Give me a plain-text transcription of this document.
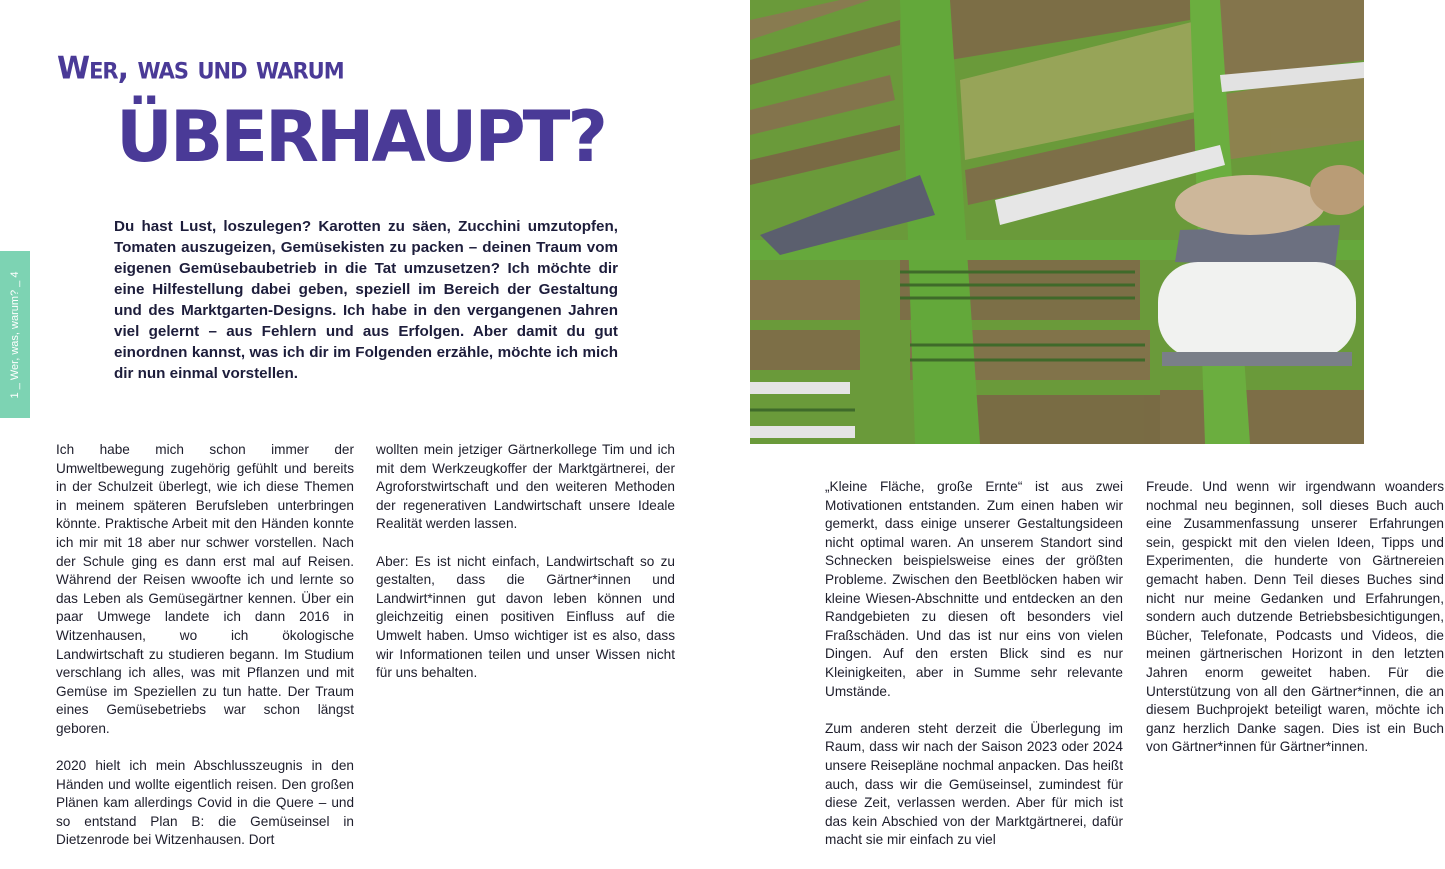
Wer, was und warum
ÜBERHAUPT?
1 _ Wer, was, warum? _ 4
Du hast Lust, loszulegen? Karotten zu säen, Zucchini umzutopfen, Tomaten auszugeizen, Gemüsekisten zu packen – deinen Traum vom eigenen Gemüsebaubetrieb in die Tat umzusetzen? Ich möchte dir eine Hilfestellung dabei geben, speziell im Bereich der Gestaltung und des Marktgarten-Designs. Ich habe in den vergangenen Jahren viel gelernt – aus Fehlern und aus Erfolgen. Aber damit du gut einordnen kannst, was ich dir im Folgenden erzähle, möchte ich mich dir nun einmal vorstellen.

Ich habe mich schon immer der Umweltbewegung zugehörig gefühlt und bereits in der Schulzeit überlegt, wie ich diese Themen in meinem späteren Berufsleben unterbringen könnte. Praktische Arbeit mit den Händen konnte ich mir mit 18 aber nur schwer vorstellen. Nach der Schule ging es dann erst mal auf Reisen. Während der Reisen wwoofte ich und lernte so das Leben als Gemüsegärtner kennen. Über ein paar Umwege landete ich dann 2016 in Witzenhausen, wo ich ökologische Landwirtschaft zu studieren begann. Im Studium verschlang ich alles, was mit Pflanzen und mit Gemüse im Speziellen zu tun hatte. Der Traum eines Gemüsebetriebs war schon längst geboren.

2020 hielt ich mein Abschlusszeugnis in den Händen und wollte eigentlich reisen. Den großen Plänen kam allerdings Covid in die Quere – und so entstand Plan B: die Gemüseinsel in Dietzenrode bei Witzenhausen. Dort

wollten mein jetziger Gärtnerkollege Tim und ich mit dem Werkzeugkoffer der Marktgärtnerei, der Agroforstwirtschaft und den weiteren Methoden der regenerativen Landwirtschaft unsere Ideale Realität werden lassen.

Aber: Es ist nicht einfach, Landwirtschaft so zu gestalten, dass die Gärtner*innen und Landwirt*innen gut davon leben können und gleichzeitig einen positiven Einfluss auf die Umwelt haben. Umso wichtiger ist es also, dass wir Informationen teilen und unser Wissen nicht für uns behalten.

„Kleine Fläche, große Ernte“ ist aus zwei Motivationen entstanden. Zum einen haben wir gemerkt, dass einige unserer Gestaltungsideen nicht optimal waren. An unserem Standort sind Schnecken beispielsweise eines der größten Probleme. Zwischen den Beetblöcken haben wir kleine Wiesen-Abschnitte und entdecken an den Randgebieten zu diesen oft besonders viel Fraßschäden. Und das ist nur eins von vielen Dingen. Auf den ersten Blick sind es nur Kleinigkeiten, aber in Summe sehr relevante Umstände.

Zum anderen steht derzeit die Überlegung im Raum, dass wir nach der Saison 2023 oder 2024 unsere Reisepläne nochmal anpacken. Das heißt auch, dass wir die Gemüseinsel, zumindest für diese Zeit, verlassen werden. Aber für mich ist das kein Abschied von der Marktgärtnerei, dafür macht sie mir einfach zu viel

Freude. Und wenn wir irgendwann woanders nochmal neu beginnen, soll dieses Buch auch eine Zusammenfassung unserer Erfahrungen sein, gespickt mit den vielen Ideen, Tipps und Experimenten, die hunderte von Gärtnereien gemacht haben. Denn Teil dieses Buches sind nicht nur meine Gedanken und Erfahrungen, sondern auch dutzende Betriebsbesichtigungen, Bücher, Telefonate, Podcasts und Videos, die meinen gärtnerischen Horizont in den letzten Jahren enorm geweitet haben. Für die Unterstützung von all den Gärtner*innen, die an diesem Buchprojekt beteiligt waren, möchte ich ganz herzlich Danke sagen. Dies ist ein Buch von Gärtner*innen für Gärtner*innen.
